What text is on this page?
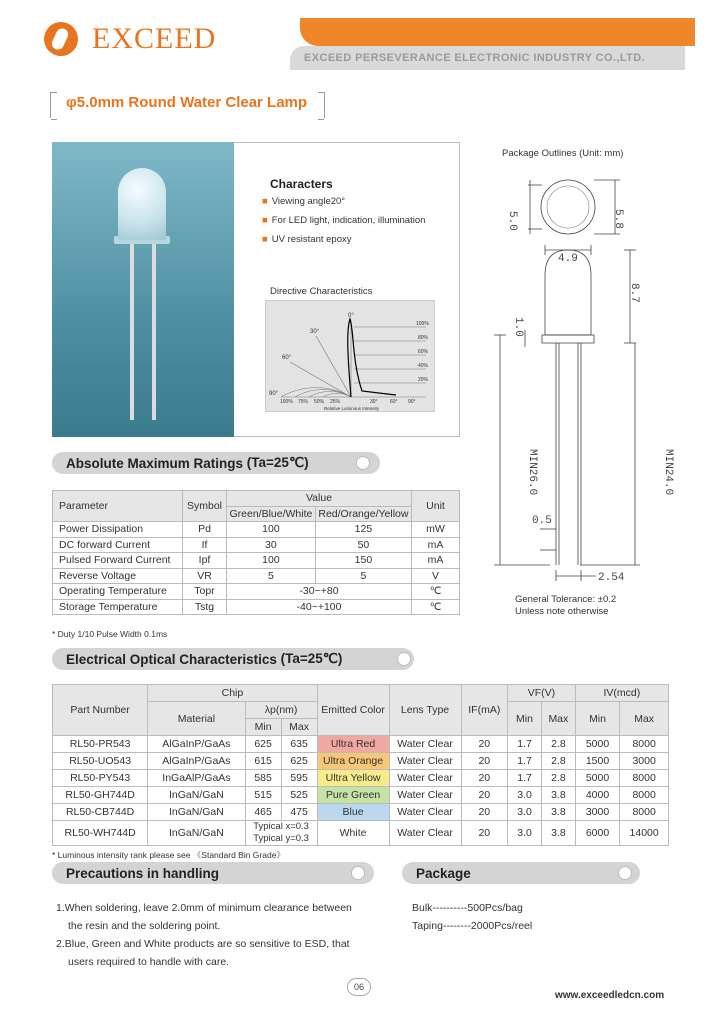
EXCEED
EXCEED PERSEVERANCE ELECTRONIC INDUSTRY CO.,LTD.
φ5.0mm Round Water Clear Lamp
Characters
■ Viewing angle20°
■ For LED light, indication, illumination
■ UV resistant epoxy
Directive Characteristics
0°
30°
60°
90°
100%
80%
60%
40%
20%
100% 75% 50% 25%	30° 60° 90°
Relative Luminous Intensity
Package Outlines (Unit: mm)
5.0	5.8
4.9
8.7
1.0
MIN26.0	MIN24.0
0.5
2.54
General Tolerance: ±0.2
Unless note otherwise
Absolute Maximum Ratings
(Ta=25℃)
Parameter	Symbol	Value		Unit
		Green/Blue/White	Red/Orange/Yellow	
Power Dissipation	Pd	100	125	mW
DC forward Current	If	30	50	mA
Pulsed Forward Current	Ipf	100	150	mA
Reverse Voltage	VR	5	5	V
Operating Temperature	Topr	-30~+80		℃
Storage Temperature	Tstg	-40~+100		℃
* Duty 1/10 Pulse Width 0.1ms
Electrical Optical Characteristics
(Ta=25℃)
Part Number	Chip			Emitted Color	Lens Type	IF(mA)	VF(V)		IV(mcd)	
	Material	λp(nm)					Min	Max	Min	Max
		Min	Max							
RL50-PR543	AlGaInP/GaAs	625	635	Ultra Red	Water Clear	20	1.7	2.8	5000	8000
RL50-UO543	AlGaInP/GaAs	615	625	Ultra Orange	Water Clear	20	1.7	2.8	1500	3000
RL50-PY543	InGaAlP/GaAs	585	595	Ultra Yellow	Water Clear	20	1.7	2.8	5000	8000
RL50-GH744D	InGaN/GaN	515	525	Pure Green	Water Clear	20	3.0	3.8	4000	8000
RL50-CB744D	InGaN/GaN	465	475	Blue	Water Clear	20	3.0	3.8	3000	8000
RL50-WH744D	InGaN/GaN	Typical x=0.3
Typical y=0.3		White	Water Clear	20	3.0	3.8	6000	14000
* Luminous intensity rank please see 《Standard Bin Grade》
Precautions in handling	Package
1.When soldering, leave 2.0mm of minimum clearance between
the resin and the soldering point.
2.Blue, Green and White products are so sensitive to ESD, that
users required to handle with care.
Bulk----------500Pcs/bag
Taping--------2000Pcs/reel
06
www.exceedledcn.com
